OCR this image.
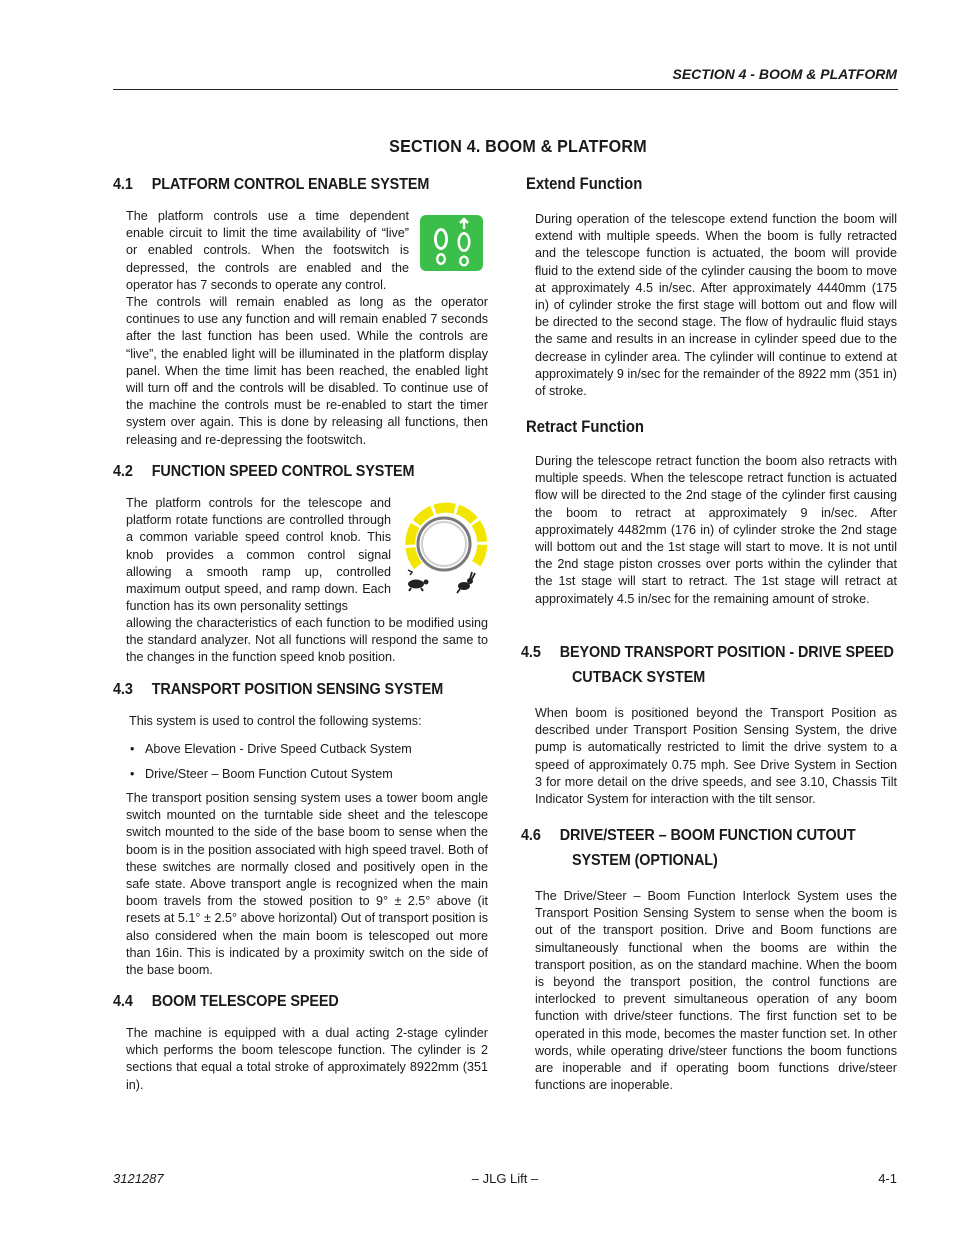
SECTION 4 - BOOM & PLATFORM
SECTION 4. BOOM & PLATFORM
4.1 PLATFORM CONTROL ENABLE SYSTEM

The platform controls use a time dependent enable circuit to limit the time availability of “live” or enabled controls. When the footswitch is depressed, the controls are enabled and the operator has 7 seconds to operate any control.

The controls will remain enabled as long as the operator continues to use any function and will remain enabled 7 seconds after the last function has been used. While the controls are “live”, the enabled light will be illuminated in the platform display panel. When the time limit has been reached, the enabled light will turn off and the controls will be disabled. To continue use of the machine the controls must be re-enabled to start the timer system over again. This is done by releasing all functions, then releasing and re-depressing the footswitch.

4.2 FUNCTION SPEED CONTROL SYSTEM

The platform controls for the telescope and platform rotate functions are controlled through a common variable speed control knob. This knob provides a common control signal allowing a smooth ramp up, controlled maximum output speed, and ramp down. Each function has its own personality settings

allowing the characteristics of each function to be modified using the standard analyzer. Not all functions will respond the same to the changes in the function speed knob position.

4.3 TRANSPORT POSITION SENSING SYSTEM

This system is used to control the following systems:

• Above Elevation - Drive Speed Cutback System
• Drive/Steer – Boom Function Cutout System

The transport position sensing system uses a tower boom angle switch mounted on the turntable side sheet and the telescope switch mounted to the side of the base boom to sense when the boom is in the position associated with high speed travel. Both of these switches are normally closed and positively open in the safe state. Above transport angle is recognized when the main boom travels from the stowed position to 9° ± 2.5° above (it resets at 5.1° ± 2.5° above horizontal) Out of transport position is also considered when the main boom is telescoped out more than 16in. This is indicated by a proximity switch on the side of the base boom.

4.4 BOOM TELESCOPE SPEED

The machine is equipped with a dual acting 2-stage cylinder which performs the boom telescope function. The cylinder is 2 sections that equal a total stroke of approximately 8922mm (351 in).

Extend Function

During operation of the telescope extend function the boom will extend with multiple speeds. When the boom is fully retracted and the telescope function is actuated, the boom will provide fluid to the extend side of the cylinder causing the boom to move at approximately 4.5 in/sec. After approximately 4440mm (175 in) of cylinder stroke the first stage will bottom out and flow will be directed to the second stage. The flow of hydraulic fluid stays the same and results in an increase in cylinder speed due to the decrease in cylinder area. The cylinder will continue to extend at approximately 9 in/sec for the remainder of the 8922 mm (351 in) of stroke.

Retract Function

During the telescope retract function the boom also retracts with multiple speeds. When the telescope retract function is actuated flow will be directed to the 2nd stage of the cylinder first causing the boom to retract at approximately 9 in/sec. After approximately 4482mm (176 in) of cylinder stroke the 2nd stage will bottom out and the 1st stage will start to move. It is not until the 2nd stage piston crosses over ports within the cylinder that the 1st stage will start to retract. The 1st stage will retract at approximately 4.5 in/sec for the remaining amount of stroke.

4.5 BEYOND TRANSPORT POSITION - DRIVE SPEED
CUTBACK SYSTEM

When boom is positioned beyond the Transport Position as described under Transport Position Sensing System, the drive pump is automatically restricted to limit the drive system to a speed of approximately 0.75 mph. See Drive System in Section 3 for more detail on the drive speeds, and see 3.10, Chassis Tilt Indicator System for interaction with the tilt sensor.

4.6 DRIVE/STEER – BOOM FUNCTION CUTOUT
SYSTEM (OPTIONAL)

The Drive/Steer – Boom Function Interlock System uses the Transport Position Sensing System to sense when the boom is out of the transport position. Drive and Boom functions are simultaneously functional when the booms are within the transport position, as on the standard machine. When the boom is beyond the transport position, the control functions are interlocked to prevent simultaneous operation of any boom function with drive/steer functions. The first function set to be operated in this mode, becomes the master function set. In other words, while operating drive/steer functions the boom functions are inoperable and if operating boom functions drive/steer functions are inoperable.

3121287	– JLG Lift –	4-1
